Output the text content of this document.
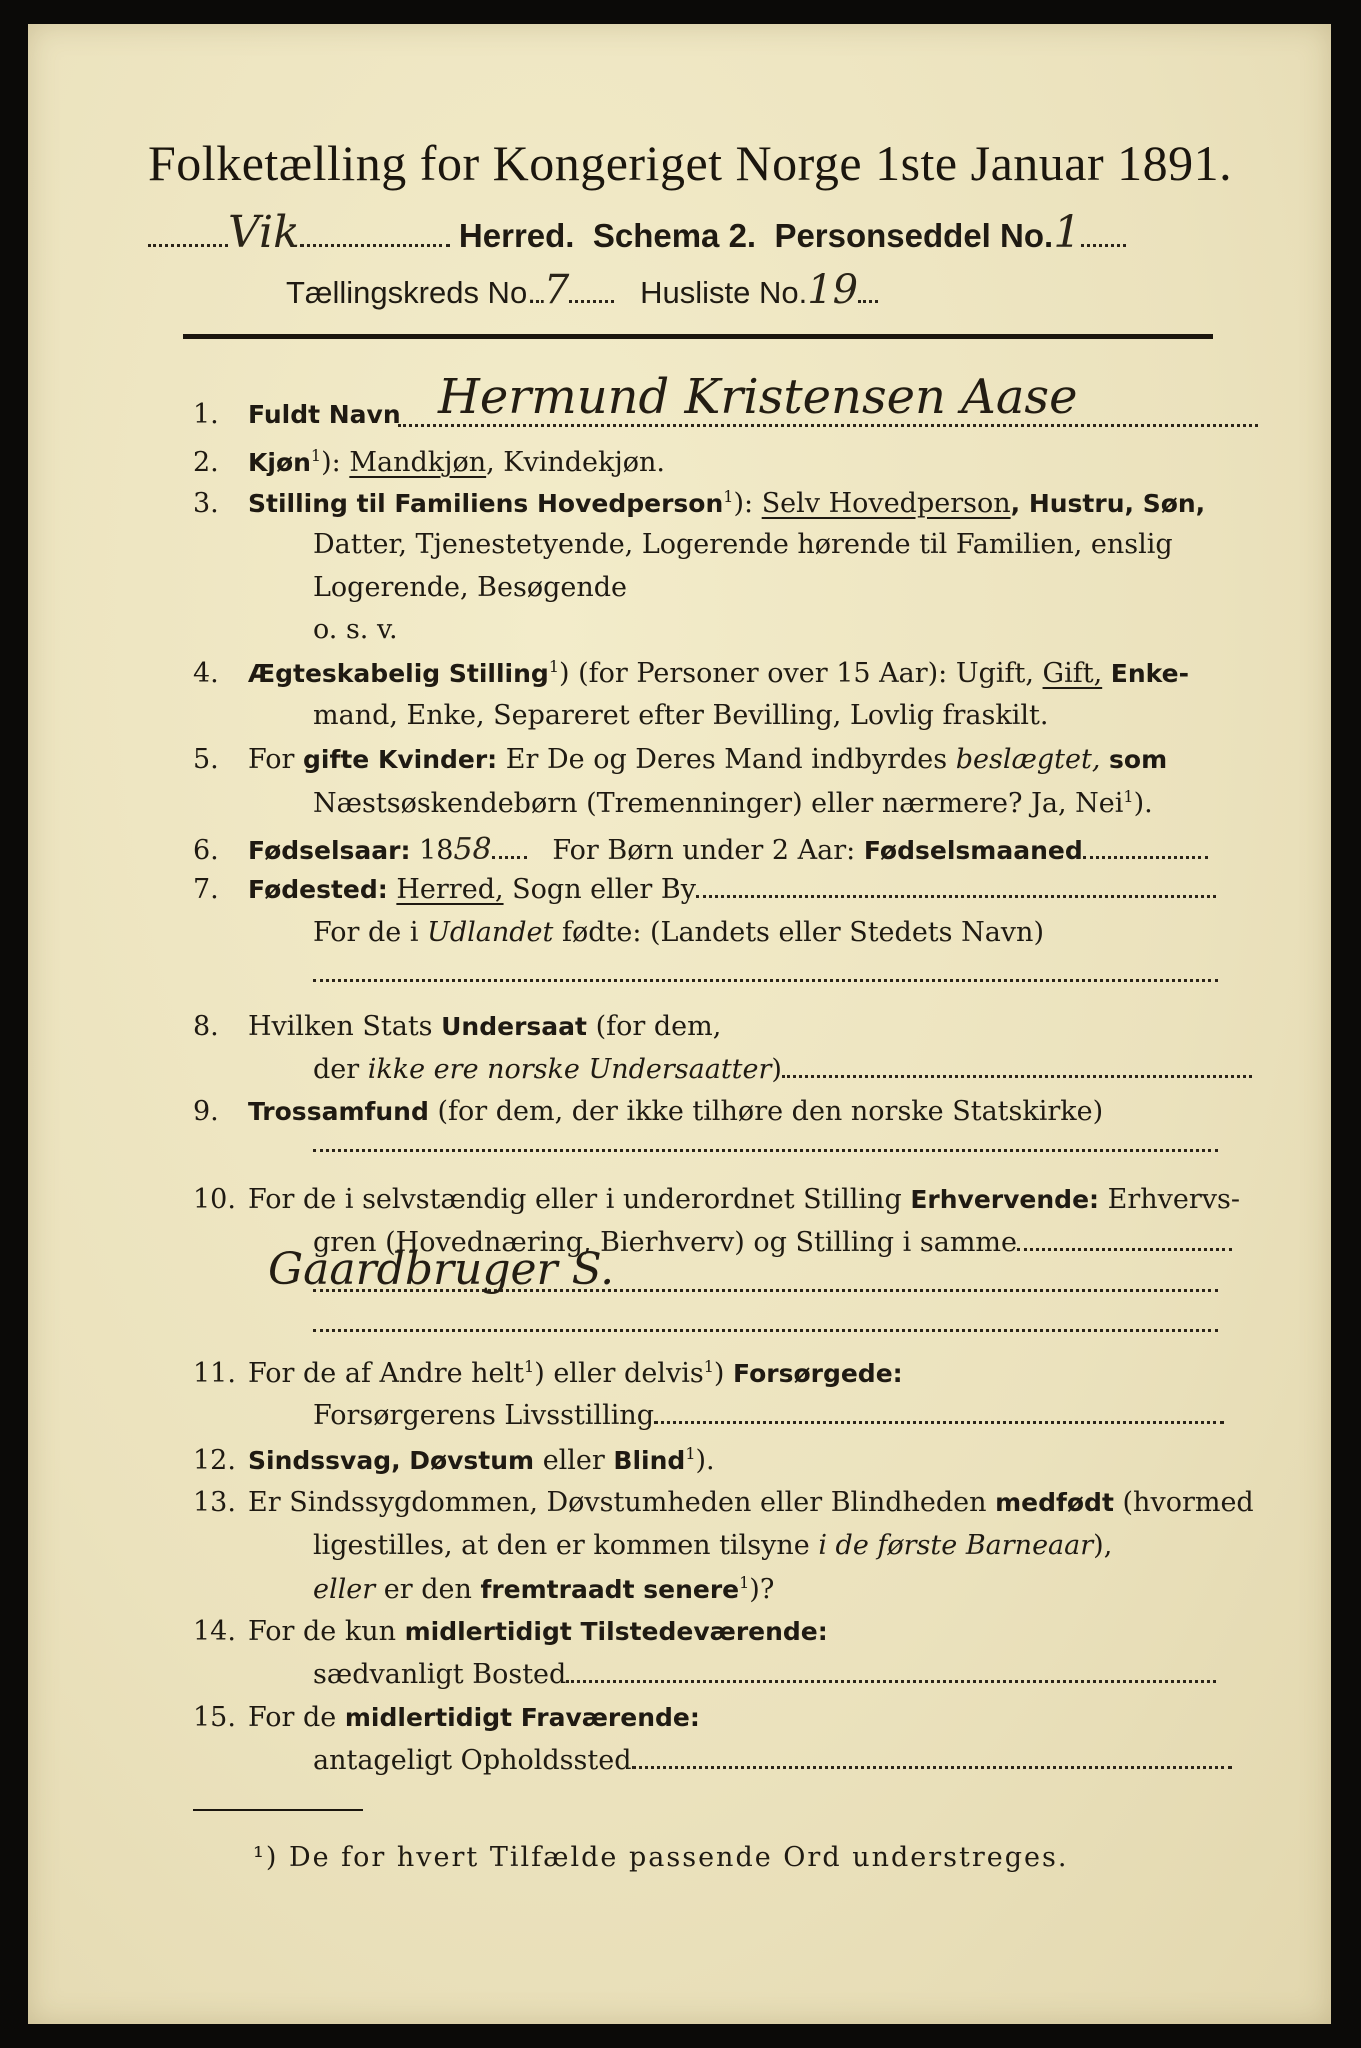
Folketælling for Kongeriget Norge 1ste Januar 1891.
Vik	Herred. Schema 2. Personseddel No.1
Tællingskreds No. 7 Husliste No.19
1. Fuldt Navn Hermund Kristensen Aase
2. Kjøn$^1$): Mandkjøn, Kvindekjøn.
3. Stilling til Familiens Hovedperson$^1$): Selv Hovedperson, Hustru, Søn,
Datter, Tjenestetyende, Logerende hørende til Familien, enslig
Logerende, Besøgende
o. s. v.
4. Ægteskabelig Stilling$^1$) (for Personer over 15 Aar): Ugift, Gift, Enke-
mand, Enke, Separeret efter Bevilling, Lovlig fraskilt.
5. For gifte Kvinder: Er De og Deres Mand indbyrdes beslægtet, som
Næstsøskendebørn (Tremenninger) eller nærmere? Ja, Nei$^1$).
6. Fødselsaar: 1858 For Børn under 2 Aar: Fødselsmaaned
7. Fødested: Herred, Sogn eller By
For de i Udlandet fødte: (Landets eller Stedets Navn)
8. Hvilken Stats Undersaat (for dem,
der ikke ere norske Undersaatter)
9. Trossamfund (for dem, der ikke tilhøre den norske Statskirke)
10. For de i selvstændig eller i underordnet Stilling Erhvervende: Erhvervs-
gren (Hovednæring, Bierhverv) og Stilling i samme
Gaardbruger S.
11. For de af Andre helt$^1$) eller delvis$^1$) Forsørgede:
Forsørgerens Livsstilling
12. Sindssvag, Døvstum eller Blind$^1$).
13. Er Sindssygdommen, Døvstumheden eller Blindheden medfødt (hvormed
ligestilles, at den er kommen tilsyne i de første Barneaar),
eller er den fremtraadt senere$^1$)?
14. For de kun midlertidigt Tilstedeværende:
sædvanligt Bosted
15. For de midlertidigt Fraværende:
antageligt Opholdssted
¹) De for hvert Tilfælde passende Ord understreges.
